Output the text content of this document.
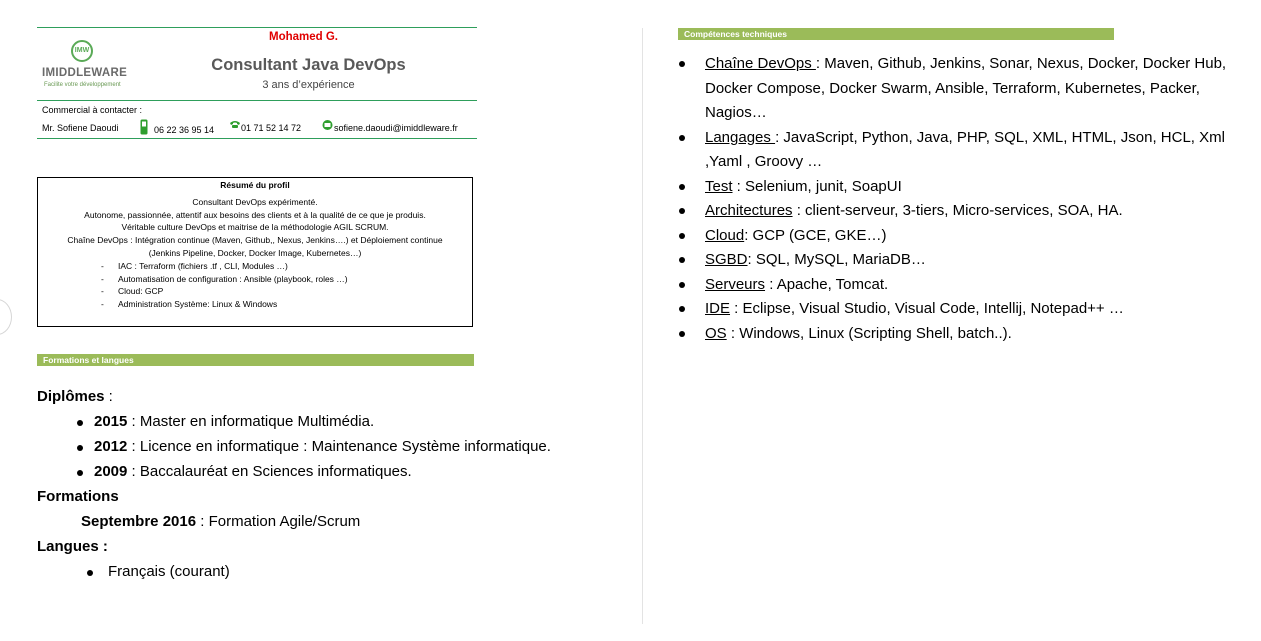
Mohamed G.
IMW
IMIDDLEWARE
Facilite votre développement
Consultant Java DevOps
3 ans d’expérience
Commercial à contacter :
Mr. Sofiene Daoudi	06 22 36 95 14	01 71 52 14 72	sofiene.daoudi@imiddleware.fr
Résumé du profil
Consultant DevOps expérimenté.
Autonome, passionnée, attentif aux besoins des clients et à la qualité de ce que je produis.
Véritable culture DevOps et maitrise de la méthodologie AGIL SCRUM.
Chaîne DevOps : Intégration continue (Maven, Github,, Nexus, Jenkins….) et Déploiement continue
(Jenkins Pipeline, Docker, Docker Image, Kubernetes…)
- IAC : Terraform (fichiers .tf , CLI, Modules …)
- Automatisation de configuration : Ansible (playbook, roles …)
- Cloud: GCP
- Administration Système: Linux & Windows
Formations et langues
Diplômes :
2015 : Master en informatique Multimédia.
2012 : Licence en informatique : Maintenance Système informatique.
2009 : Baccalauréat en Sciences informatiques.
Formations
Septembre 2016 : Formation Agile/Scrum
Langues :
Français (courant)
Compétences techniques
Chaîne DevOps : Maven, Github, Jenkins, Sonar, Nexus, Docker, Docker Hub, Docker Compose, Docker Swarm, Ansible, Terraform, Kubernetes, Packer, Nagios…
Langages : JavaScript, Python, Java, PHP, SQL, XML, HTML, Json, HCL, Xml ,Yaml , Groovy …
Test : Selenium, junit, SoapUI
Architectures : client-serveur, 3-tiers, Micro-services, SOA, HA.
Cloud: GCP (GCE, GKE…)
SGBD: SQL, MySQL, MariaDB…
Serveurs : Apache, Tomcat.
IDE : Eclipse, Visual Studio, Visual Code, Intellij, Notepad++ …
OS : Windows, Linux (Scripting Shell, batch..).
